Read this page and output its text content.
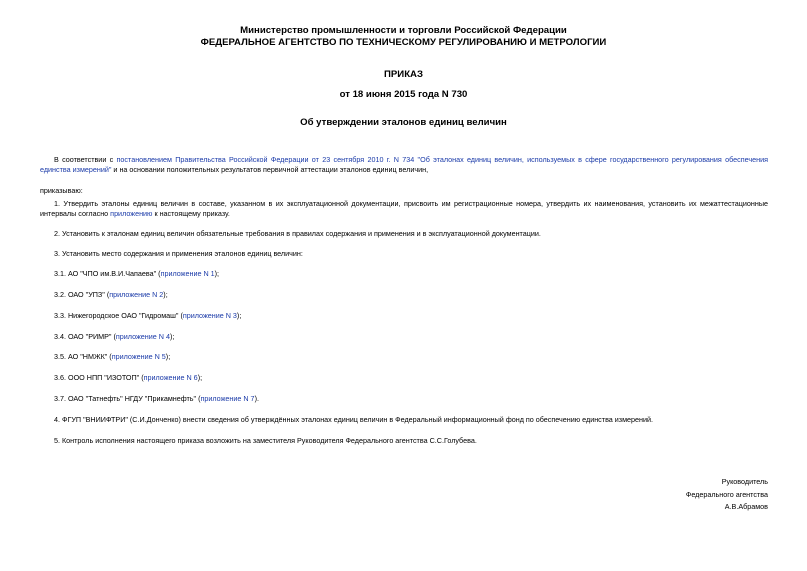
Министерство промышленности и торговли Российской Федерации
ФЕДЕРАЛЬНОЕ АГЕНТСТВО ПО ТЕХНИЧЕСКОМУ РЕГУЛИРОВАНИЮ И МЕТРОЛОГИИ
ПРИКАЗ
от 18 июня 2015 года N 730
Об утверждении эталонов единиц величин

В соответствии с постановлением Правительства Российской Федерации от 23 сентября 2010 г. N 734 "Об эталонах единиц величин, используемых в сфере государственного регулирования обеспечения единства измерений" и на основании положительных результатов первичной аттестации эталонов единиц величин,

приказываю:

1. Утвердить эталоны единиц величин в составе, указанном в их эксплуатационной документации, присвоить им регистрационные номера, утвердить их наименования, установить их межаттестационные интервалы согласно приложению к настоящему приказу.

2. Установить к эталонам единиц величин обязательные требования в правилах содержания и применения и в эксплуатационной документации.

3. Установить место содержания и применения эталонов единиц величин:

3.1. АО "ЧПО им.В.И.Чапаева" (приложение N 1);

3.2. ОАО "УПЗ" (приложение N 2);

3.3. Нижегородское ОАО "Гидромаш" (приложение N 3);

3.4. ОАО "РИМР" (приложение N 4);

3.5. АО "НМЖК" (приложение N 5);

3.6. ООО НПП "ИЗОТОП" (приложение N 6);

3.7. ОАО "Татнефть" НГДУ "Прикамнефть" (приложение N 7).

4. ФГУП "ВНИИФТРИ" (С.И.Донченко) внести сведения об утверждённых эталонах единиц величин в Федеральный информационный фонд по обеспечению единства измерений.

5. Контроль исполнения настоящего приказа возложить на заместителя Руководителя Федерального агентства С.С.Голубева.

Руководитель
Федерального агентства
А.В.Абрамов
